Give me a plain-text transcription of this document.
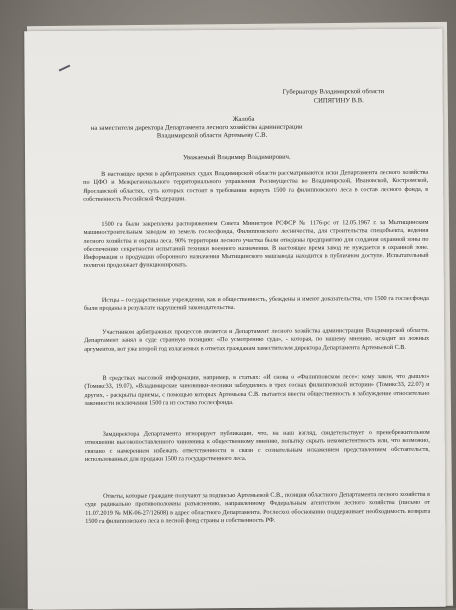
Губернатору Владимирской области
СИПЯГИНУ В.В.
Жалоба
на заместителя директора Департамента лесного хозяйства администрации
Владимирской области Артемьеву С.В.
Уважаемый Владимир Владимирович.
В настоящее время в арбитражных судах Владимирской области рассматриваются иски Департамента лесного хозяйства по ЦФО и Межрегионального территориального управления Росимущества во Владимирской, Ивановской, Костромской, Ярославской областях, суть которых состоит в требовании вернуть 1500 га филипповского леса в состав лесного фонда, в собственность Российской Федерации.
1500 га были закреплены распоряжением Совета Министров РСФСР № 1176-рс от 12.05.1967 г. за Мытищинским машиностроительным заводом из земель гослесфонда, Филипповского лесничества, для строительства спецобъекта, ведения лесного хозяйства и охраны леса. 90% территории лесного участка были отведены предприятию для создания охранной зоны по обеспечению секретности испытаний техники военного назначения. В настоящее время завод не нуждается в охранной зоне. Информация о продукции оборонного назначения Мытищинского машзавода находится в публичном доступе. Испытательный полигон продолжает функционировать.
Истцы – государственные учреждения, как и общественность, убеждены и имеют доказательства, что 1500 га гослесфонда были проданы в результате нарушений законодательства.
Участником арбитражных процессов является и Департамент лесного хозяйства администрации Владимирской области. Департамент занял в суде странную позицию: «По усмотрению судa», - которая, по нашему мнению, исходит из ложных аргументов, вот уже второй год излагаемых в ответах гражданам заместителем директора Департамента Артемьевой С.В.
В средствах массовой информации, например, в статьях: «И снова о «Филипповском лесе»: кому закон, что дышло» (Томикс33, 19.07), «Владимирские чиновники-лесники заблудились в трех соснах филипповской истории» (Томикс33, 22.07) и других, - раскрыты приемы, с помощью которых Артемьева С.В. пытается ввести общественность в заблуждение относительно законности исключения 1500 га из состава гослесфонда.
Замдиректора Департамента игнорирует публикации, что, на наш взгляд, свидетельствует о пренебрежительном отношении высокопоставленного чиновника к общественному мнению, попытку скрыть некомпетентность или, что возможно, связано с намерением избежать ответственности в связи с сознательным искажением представлением обстоятельств, использованных для продажи 1500 га государственного леса.
Ответы, которые граждане получают за подписью Артемьевой С.В., позиция областного Департамента лесного хозяйства в суде радикально противоположны разъяснению, направленному Федеральным агентством лесного хозяйства (письмо от 11.07.2019 № МК-06-27/12608) в адрес областного Департамента. Рослесхоз обоснованно поддерживает необходимость возврата 1500 га филипповского леса в лесной фонд страны и собственность РФ.
